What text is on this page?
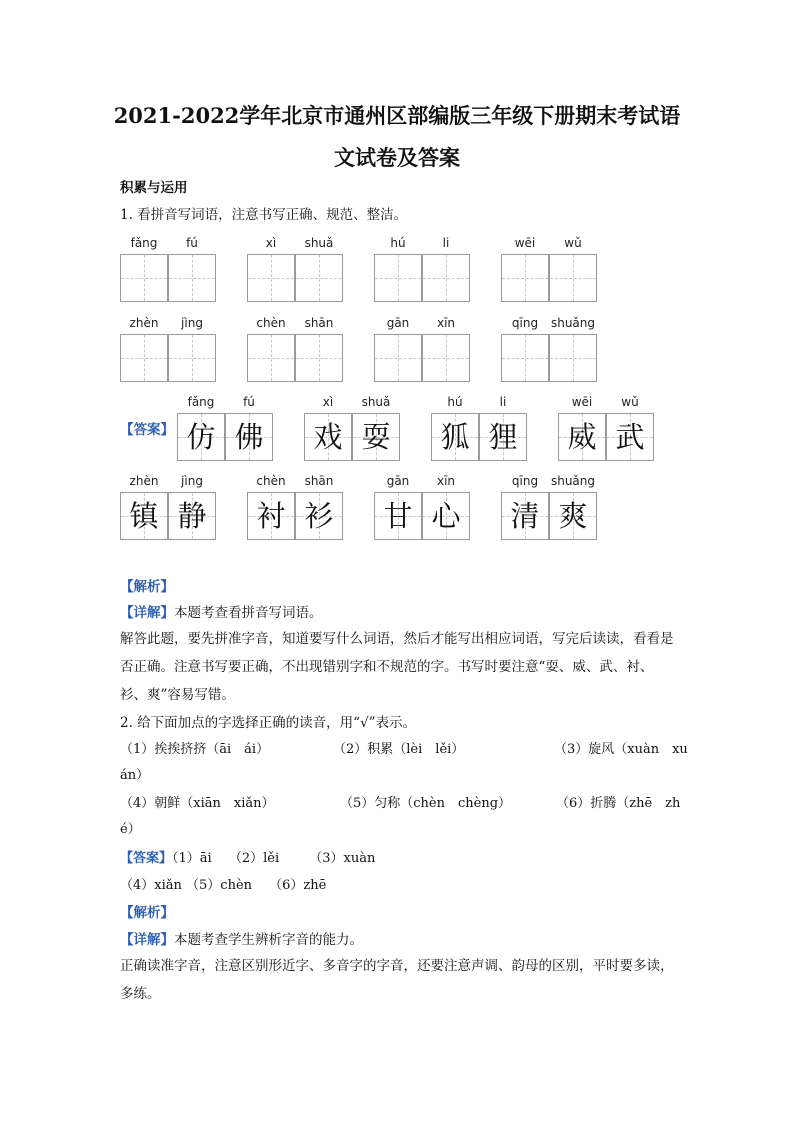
2021-2022学年北京市通州区部编版三年级下册期末考试语
文试卷及答案
积累与运用
1. 看拼音写词语，注意书写正确、规范、整洁。
fǎng	fú	xì	shuǎ	hú	li	wēi	wǔ
zhèn	jìng	chèn	shān	gān	xīn	qīng	shuǎng
【答案】
fǎng	fú
仿 佛
xì	shuǎ
戏 耍
hú	li
狐 狸
wēi	wǔ
威 武
zhèn	jìng
镇 静
chèn	shān
衬 衫
gān	xīn
甘 心
qīng	shuǎng
清 爽
【解析】
【详解】本题考查看拼音写词语。
解答此题，要先拼准字音，知道要写什么词语，然后才能写出相应词语，写完后读读，看看是否正确。注意书写要正确，不出现错别字和不规范的字。书写时要注意“耍、威、武、衬、衫、爽”容易写错。
2. 给下面加点的字选择正确的读音，用“√”表示。
（1）挨挨挤挤（āi　ái）	（2）积累（lèi　lěi）	（3）旋风（xuàn　xu
án）
（4）朝鲜（xiān　xiǎn）	（5）匀称（chèn　chèng）	（6）折腾（zhē　zh
é）
【答案】（1）āi　 （2）lěi　　 （3）xuàn
（4）xiǎn （5）chèn　 （6）zhē
【解析】
【详解】本题考查学生辨析字音的能力。
正确读准字音，注意区别形近字、多音字的字音，还要注意声调、韵母的区别，平时要多读，多练。
